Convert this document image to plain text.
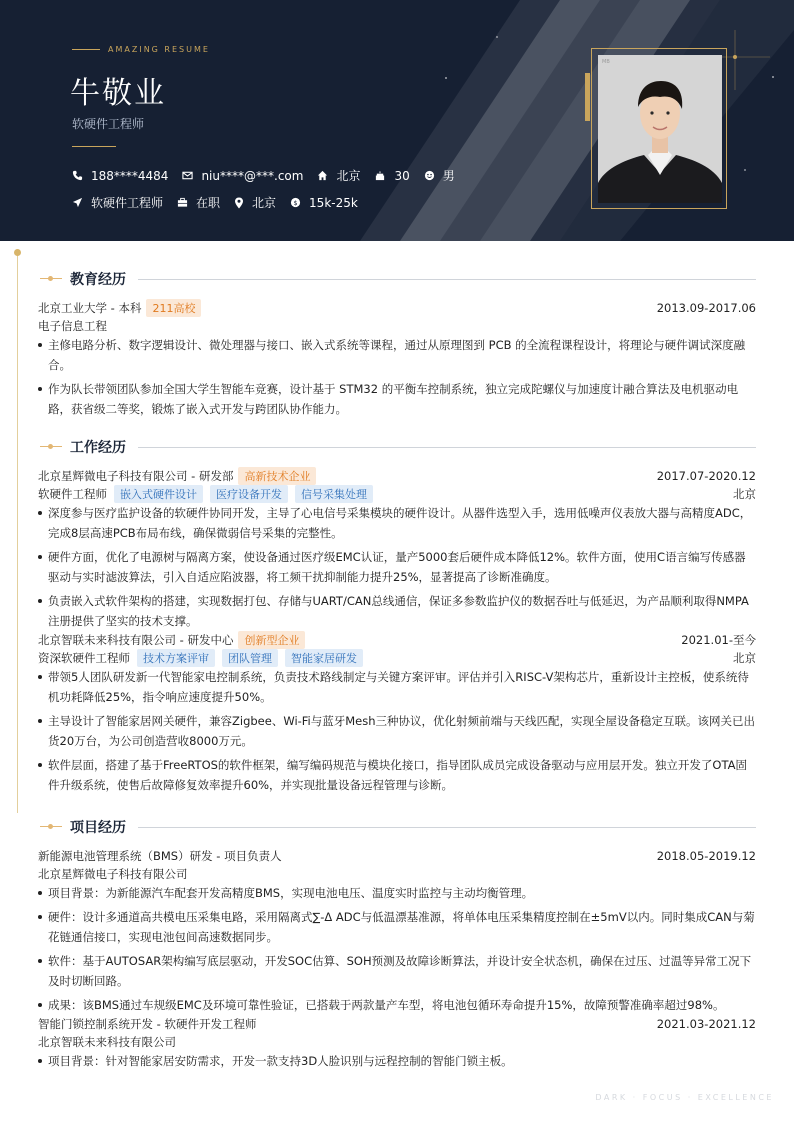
AMAZING RESUME
牛敬业
软硬件工程师
188****4484	niu****@***.com	北京	30	男
软硬件工程师	在职	北京 $ 15k-25k
MB
教育经历
北京工业大学 - 本科	211高校	2013.09-2017.06
电子信息工程
主修电路分析、数字逻辑设计、微处理器与接口、嵌入式系统等课程，通过从原理图到 PCB 的全流程课程设计，将理论与硬件调试深度融合。
作为队长带领团队参加全国大学生智能车竞赛，设计基于 STM32 的平衡车控制系统，独立完成陀螺仪与加速度计融合算法及电机驱动电路，获省级二等奖，锻炼了嵌入式开发与跨团队协作能力。
工作经历
北京星辉微电子科技有限公司 - 研发部	高新技术企业	2017.07-2020.12
软硬件工程师	嵌入式硬件设计	医疗设备开发	信号采集处理	北京
深度参与医疗监护设备的软硬件协同开发，主导了心电信号采集模块的硬件设计。从器件选型入手，选用低噪声仪表放大器与高精度ADC，完成8层高速PCB布局布线，确保微弱信号采集的完整性。
硬件方面，优化了电源树与隔离方案，使设备通过医疗级EMC认证，量产5000套后硬件成本降低12%。软件方面，使用C语言编写传感器驱动与实时滤波算法，引入自适应陷波器，将工频干扰抑制能力提升25%，显著提高了诊断准确度。
负责嵌入式软件架构的搭建，实现数据打包、存储与UART/CAN总线通信，保证多参数监护仪的数据吞吐与低延迟，为产品顺利取得NMPA注册提供了坚实的技术支撑。
北京智联未来科技有限公司 - 研发中心	创新型企业	2021.01-至今
资深软硬件工程师	技术方案评审	团队管理	智能家居研发	北京
带领5人团队研发新一代智能家电控制系统，负责技术路线制定与关键方案评审。评估并引入RISC-V架构芯片，重新设计主控板，使系统待机功耗降低25%，指令响应速度提升50%。
主导设计了智能家居网关硬件，兼容Zigbee、Wi-Fi与蓝牙Mesh三种协议，优化射频前端与天线匹配，实现全屋设备稳定互联。该网关已出货20万台，为公司创造营收8000万元。
软件层面，搭建了基于FreeRTOS的软件框架，编写编码规范与模块化接口，指导团队成员完成设备驱动与应用层开发。独立开发了OTA固件升级系统，使售后故障修复效率提升60%，并实现批量设备远程管理与诊断。
项目经历
新能源电池管理系统（BMS）研发 - 项目负责人	2018.05-2019.12
北京星辉微电子科技有限公司
项目背景：为新能源汽车配套开发高精度BMS，实现电池电压、温度实时监控与主动均衡管理。
硬件：设计多通道高共模电压采集电路，采用隔离式∑-Δ ADC与低温漂基准源，将单体电压采集精度控制在±5mV以内。同时集成CAN与菊花链通信接口，实现电池包间高速数据同步。
软件：基于AUTOSAR架构编写底层驱动，开发SOC估算、SOH预测及故障诊断算法，并设计安全状态机，确保在过压、过温等异常工况下及时切断回路。
成果：该BMS通过车规级EMC及环境可靠性验证，已搭载于两款量产车型，将电池包循环寿命提升15%，故障预警准确率超过98%。
智能门锁控制系统开发 - 软硬件开发工程师	2021.03-2021.12
北京智联未来科技有限公司
项目背景：针对智能家居安防需求，开发一款支持3D人脸识别与远程控制的智能门锁主板。
DARK · FOCUS · EXCELLENCE
